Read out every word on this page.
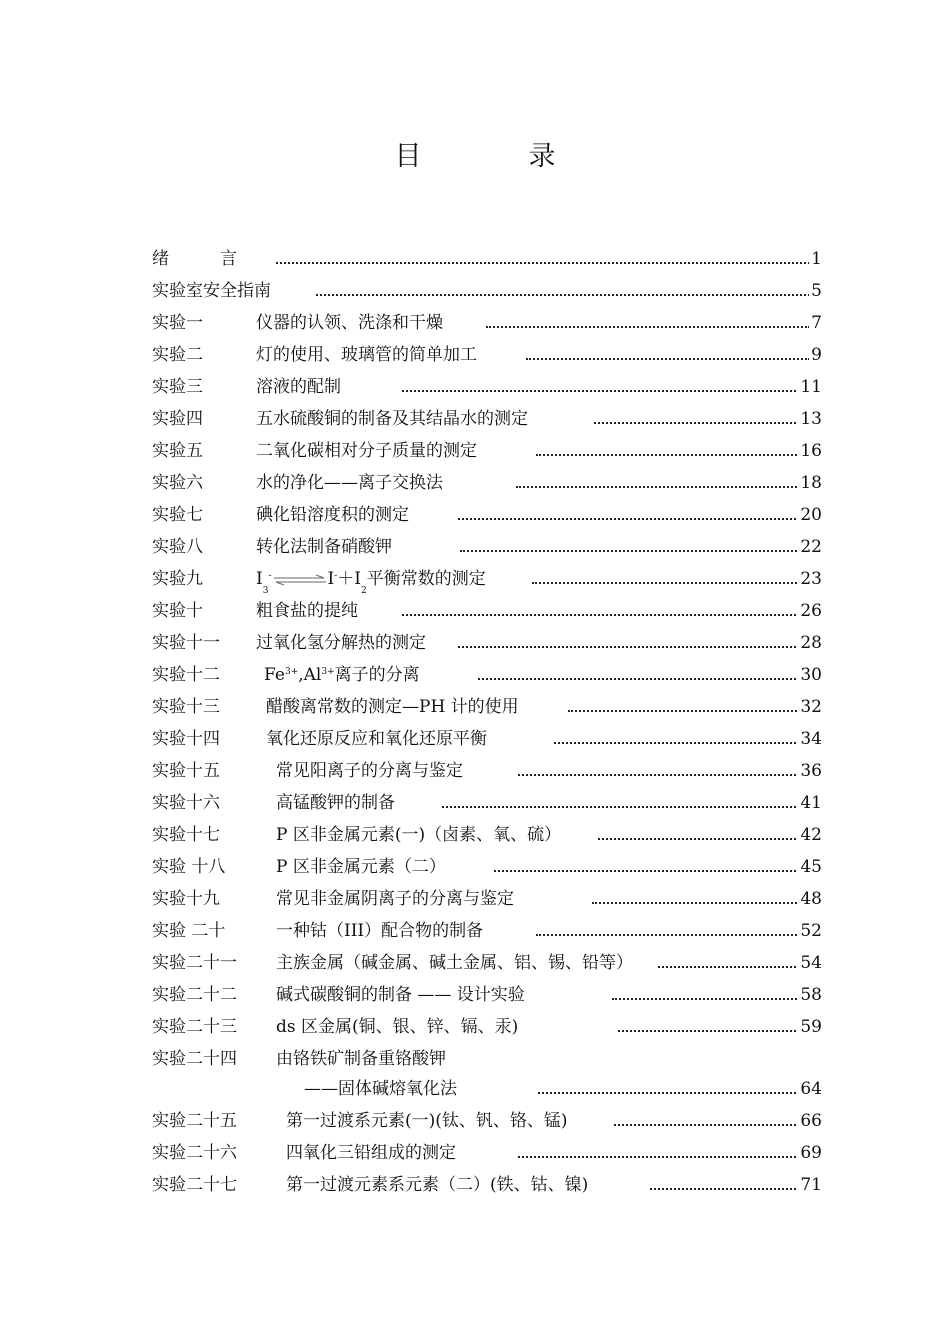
目　录
绪　　　言	1
实验室安全指南	5
实验一	仪器的认领、洗涤和干燥	7
实验二	灯的使用、玻璃管的简单加工	9
实验三	溶液的配制	11
实验四	五水硫酸铜的制备及其结晶水的测定	13
实验五	二氧化碳相对分子质量的测定	16
实验六	水的净化——离子交换法	18
实验七	碘化铅溶度积的测定	20
实验八	转化法制备硝酸钾	22
实验九	$I_3^-\rightleftharpoons I^-+I_2$平衡常数的测定	23
实验十	粗食盐的提纯	26
实验十一 过氧化氢分解热的测定	28
实验十二	$Fe^{3+},Al^{3+}$离子的分离	30
实验十三	醋酸离常数的测定—PH 计的使用	32
实验十四	氧化还原反应和氧化还原平衡	34
实验十五	常见阳离子的分离与鉴定	36
实验十六	高锰酸钾的制备	41
实验十七	P 区非金属元素(一)（卤素、氧、硫）	42
实验 十八	P 区非金属元素（二）	45
实验十九	常见非金属阴离子的分离与鉴定	48
实验 二十	一种钴（III）配合物的制备	52
实验二十一 主族金属（碱金属、碱土金属、铝、锡、铅等）	54
实验二十二 碱式碳酸铜的制备 —— 设计实验	58
实验二十三 ds 区金属(铜、银、锌、镉、汞)	59
实验二十四 由铬铁矿制备重铬酸钾
——固体碱熔氧化法	64
实验二十五	第一过渡系元素(一)(钛、钒、铬、锰)	66
实验二十六	四氧化三铅组成的测定	69
实验二十七	第一过渡元素系元素（二）(铁、钴、镍)	71
